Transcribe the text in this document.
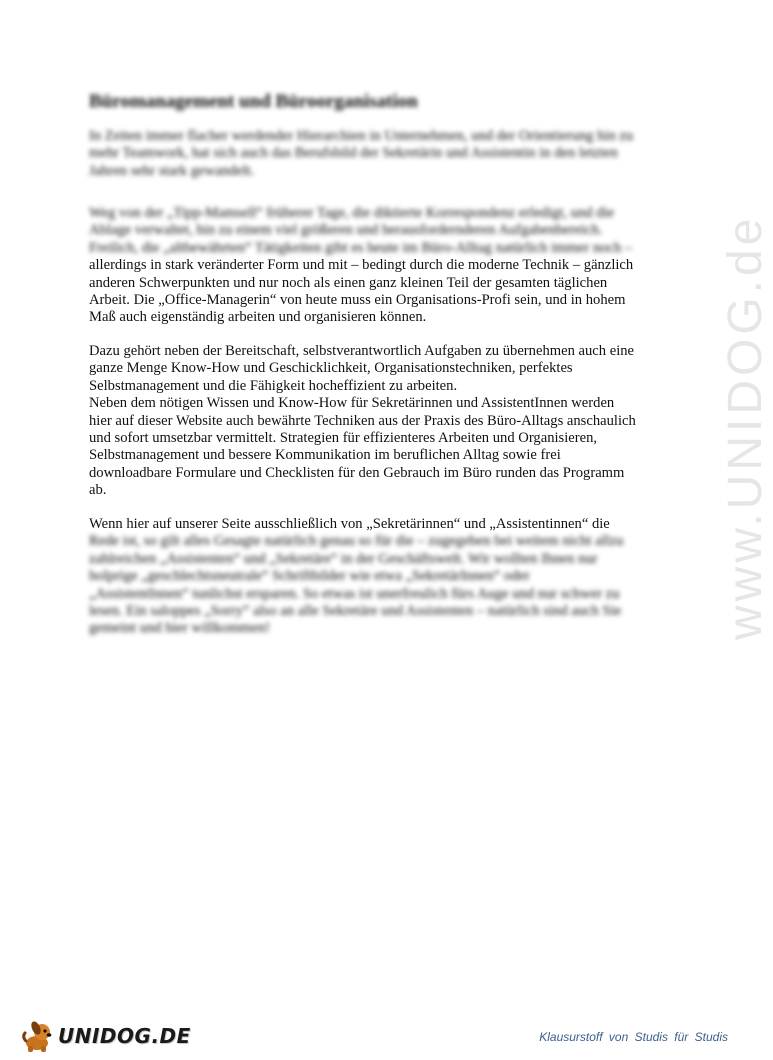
www.UNIDOG.de
Büromanagement und Büroorganisation
In Zeiten immer flacher werdender Hierarchien in Unternehmen, und der Orientierung hin zu
mehr Teamwork, hat sich auch das Berufsbild der Sekretärin und Assistentin in den letzten
Jahren sehr stark gewandelt.
Weg von der „Tipp-Mamsell“ früherer Tage, die diktierte Korrespondenz erledigt, und die
Ablage verwaltet, hin zu einem viel größeren und herausfordernderen Aufgabenbereich.
Freilich, die „altbewährten“ Tätigkeiten gibt es heute im Büro-Alltag natürlich immer noch –
allerdings in stark veränderter Form und mit – bedingt durch die moderne Technik – gänzlich
anderen Schwerpunkten und nur noch als einen ganz kleinen Teil der gesamten täglichen
Arbeit. Die „Office-Managerin“ von heute muss ein Organisations-Profi sein, und in hohem
Maß auch eigenständig arbeiten und organisieren können.
Dazu gehört neben der Bereitschaft, selbstverantwortlich Aufgaben zu übernehmen auch eine
ganze Menge Know-How und Geschicklichkeit, Organisationstechniken, perfektes
Selbstmanagement und die Fähigkeit hocheffizient zu arbeiten.
Neben dem nötigen Wissen und Know-How für Sekretärinnen und AssistentInnen werden
hier auf dieser Website auch bewährte Techniken aus der Praxis des Büro-Alltags anschaulich
und sofort umsetzbar vermittelt. Strategien für effizienteres Arbeiten und Organisieren,
Selbstmanagement und bessere Kommunikation im beruflichen Alltag sowie frei
downloadbare Formulare und Checklisten für den Gebrauch im Büro runden das Programm
ab.
Wenn hier auf unserer Seite ausschließlich von „Sekretärinnen“ und „Assistentinnen“ die
Rede ist, so gilt alles Gesagte natürlich genau so für die – zugegeben bei weitem nicht allzu
zahlreichen „Assistenten“ und „Sekretäre“ in der Geschäftswelt. Wir wollten Ihnen nur
holprige „geschlechtsneutrale“ Schriftbilder wie etwa „SekretärInnen“ oder
„AssistentInnen“ tunlichst ersparen. So etwas ist unerfreulich fürs Auge und nur schwer zu
lesen. Ein saloppes „Sorry“ also an alle Sekretäre und Assistenten – natürlich sind auch Sie
gemeint und hier willkommen!
UNIDOG.DE	Klausurstoff von Studis für Studis
